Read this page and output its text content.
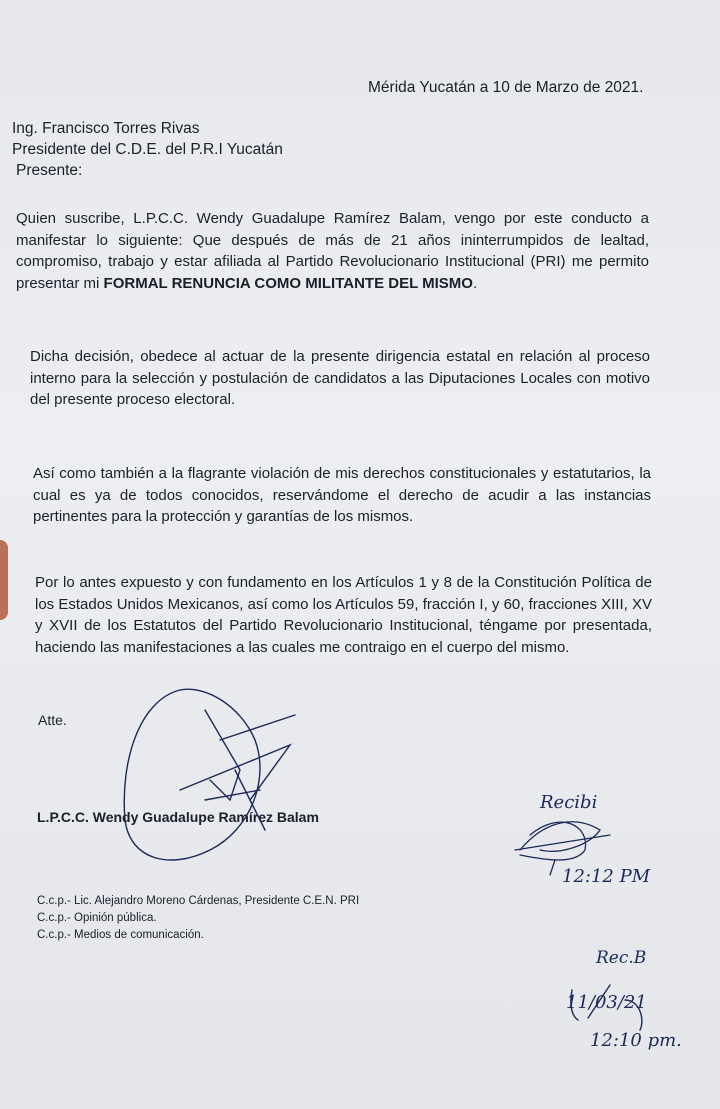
Mérida Yucatán a 10 de Marzo de 2021.
Ing. Francisco Torres Rivas
Presidente del C.D.E. del P.R.I Yucatán
Presente:
Quien suscribe, L.P.C.C. Wendy Guadalupe Ramírez Balam, vengo por este conducto a manifestar lo siguiente: Que después de más de 21 años ininterrumpidos de lealtad, compromiso, trabajo y estar afiliada al Partido Revolucionario Institucional (PRI) me permito presentar mi FORMAL RENUNCIA COMO MILITANTE DEL MISMO.
Dicha decisión, obedece al actuar de la presente dirigencia estatal en relación al proceso interno para la selección y postulación de candidatos a las Diputaciones Locales con motivo del presente proceso electoral.
Así como también a la flagrante violación de mis derechos constitucionales y estatutarios, la cual es ya de todos conocidos, reservándome el derecho de acudir a las instancias pertinentes para la protección y garantías de los mismos.
Por lo antes expuesto y con fundamento en los Artículos 1 y 8 de la Constitución Política de los Estados Unidos Mexicanos, así como los Artículos 59, fracción I, y 60, fracciones XIII, XV y XVII de los Estatutos del Partido Revolucionario Institucional, téngame por presentada, haciendo las manifestaciones a las cuales me contraigo en el cuerpo del mismo.
Atte.
L.P.C.C. Wendy Guadalupe Ramírez Balam
C.c.p.- Lic. Alejandro Moreno Cárdenas, Presidente C.E.N. PRI
C.c.p.- Opinión pública.
C.c.p.- Medios de comunicación.
Recibi
12:12 PM
Rec.B
11/03/21
12:10 pm.
